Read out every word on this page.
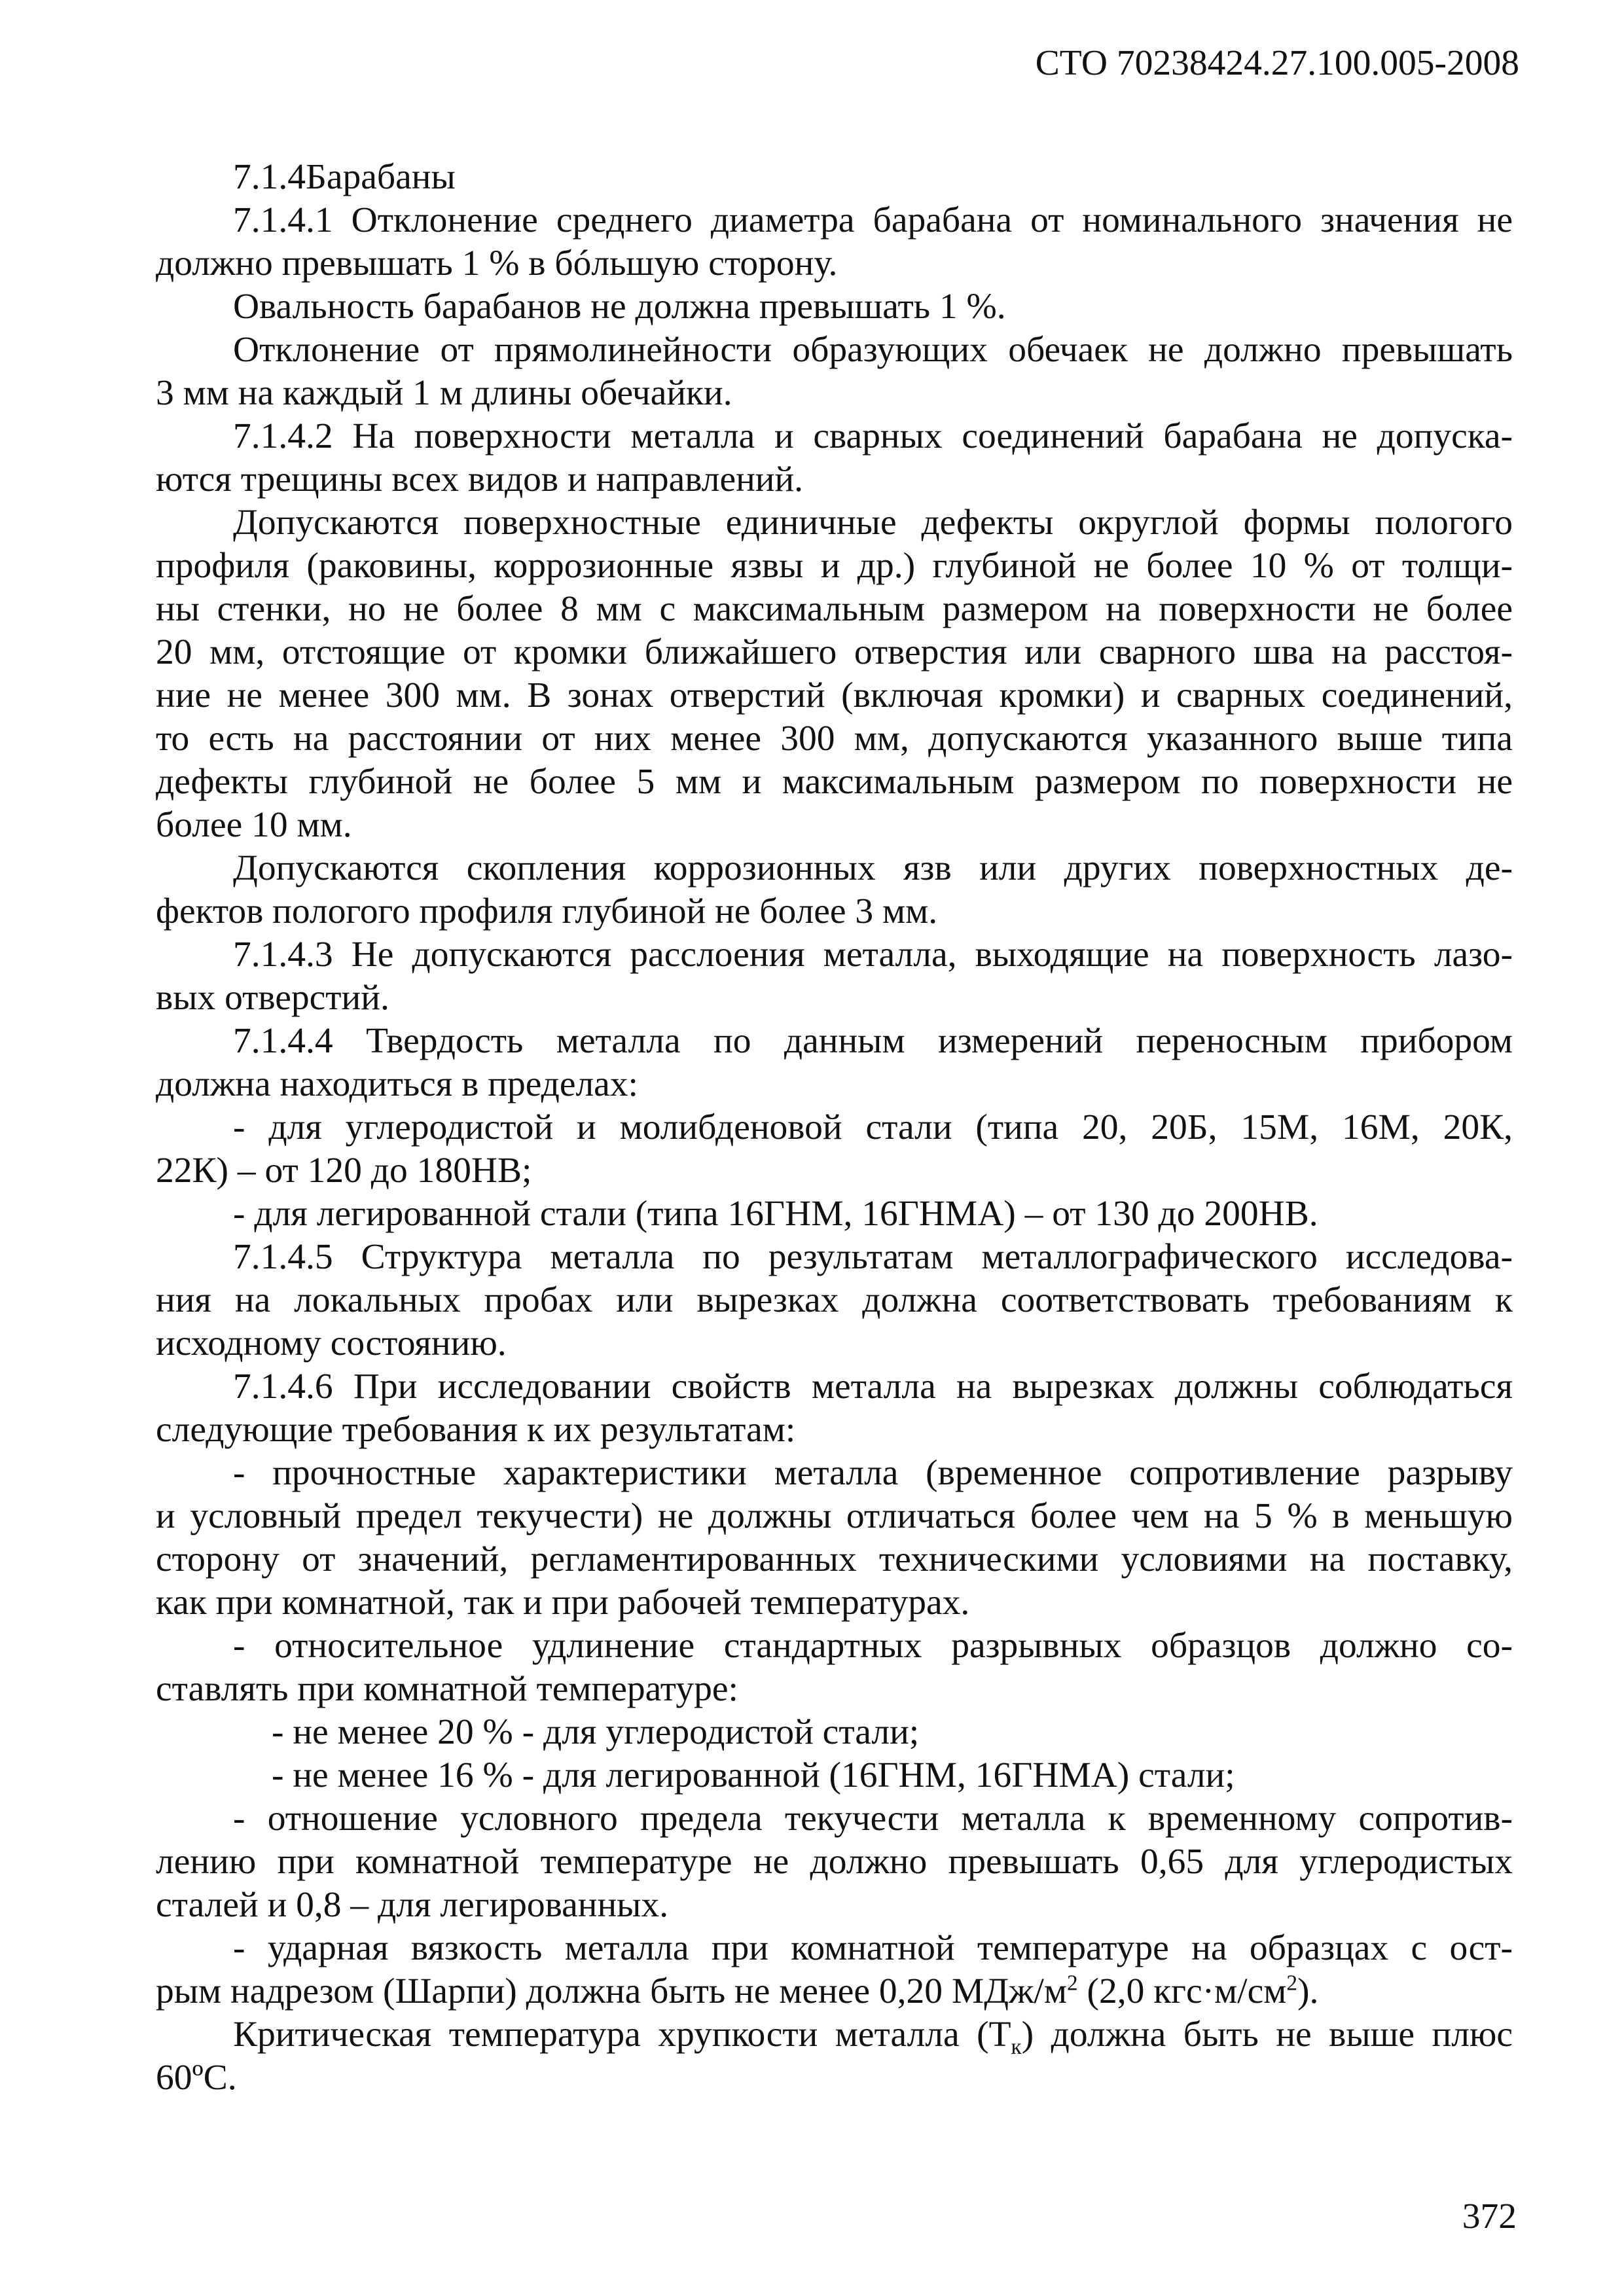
СТО 70238424.27.100.005-2008
7.1.4Барабаны
7.1.4.1 Отклонение среднего диаметра барабана от номинального значения не
должно превышать 1 % в бóльшую сторону.
Овальность барабанов не должна превышать 1 %.
Отклонение от прямолинейности образующих обечаек не должно превышать
3 мм на каждый 1 м длины обечайки.
7.1.4.2 На поверхности металла и сварных соединений барабана не допуска-
ются трещины всех видов и направлений.
Допускаются поверхностные единичные дефекты округлой формы пологого
профиля (раковины, коррозионные язвы и др.) глубиной не более 10 % от толщи-
ны стенки, но не более 8 мм с максимальным размером на поверхности не более
20 мм, отстоящие от кромки ближайшего отверстия или сварного шва на расстоя-
ние не менее 300 мм. В зонах отверстий (включая кромки) и сварных соединений,
то есть на расстоянии от них менее 300 мм, допускаются указанного выше типа
дефекты глубиной не более 5 мм и максимальным размером по поверхности не
более 10 мм.
Допускаются скопления коррозионных язв или других поверхностных де-
фектов пологого профиля глубиной не более 3 мм.
7.1.4.3 Не допускаются расслоения металла, выходящие на поверхность лазо-
вых отверстий.
7.1.4.4 Твердость металла по данным измерений переносным прибором
должна находиться в пределах:
- для углеродистой и молибденовой стали (типа 20, 20Б, 15М, 16М, 20К,
22К) – от 120 до 180НВ;
- для легированной стали (типа 16ГНМ, 16ГНМА) – от 130 до 200НВ.
7.1.4.5 Структура металла по результатам металлографического исследова-
ния на локальных пробах или вырезках должна соответствовать требованиям к
исходному состоянию.
7.1.4.6 При исследовании свойств металла на вырезках должны соблюдаться
следующие требования к их результатам:
- прочностные характеристики металла (временное сопротивление разрыву
и условный предел текучести) не должны отличаться более чем на 5 % в меньшую
сторону от значений, регламентированных техническими условиями на поставку,
как при комнатной, так и при рабочей температурах.
- относительное удлинение стандартных разрывных образцов должно со-
ставлять при комнатной температуре:
- не менее 20 % - для углеродистой стали;
- не менее 16 % - для легированной (16ГНМ, 16ГНМА) стали;
- отношение условного предела текучести металла к временному сопротив-
лению при комнатной температуре не должно превышать 0,65 для углеродистых
сталей и 0,8 – для легированных.
- ударная вязкость металла при комнатной температуре на образцах с ост-
рым надрезом (Шарпи) должна быть не менее 0,20 МДж/$м^2$ (2,0 $кгс\cdot м/см^2$).
Критическая температура хрупкости металла $(Т_к)$ должна быть не выше плюс
60ºС.
372
